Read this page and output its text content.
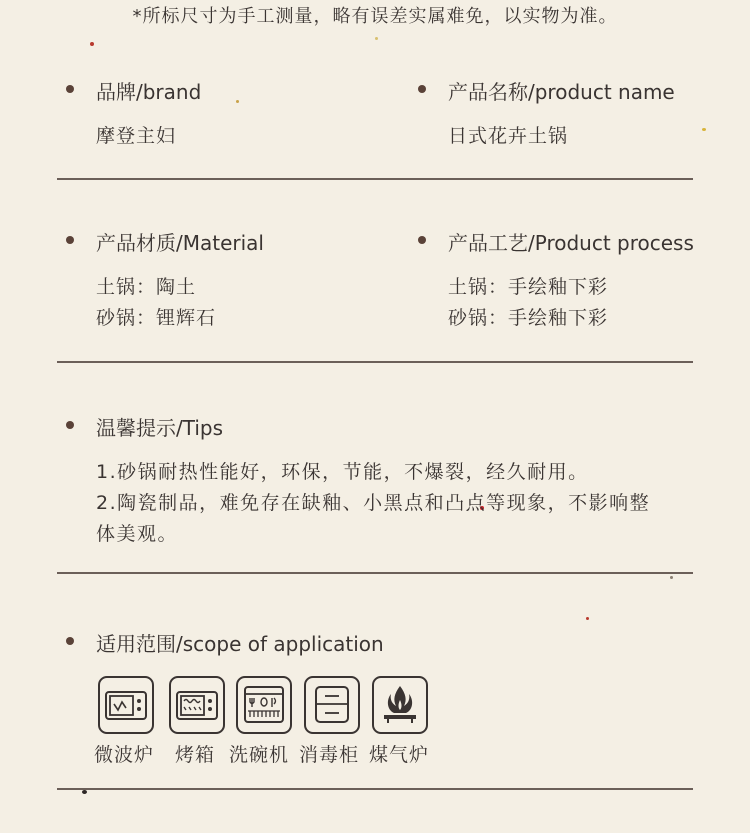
*所标尺寸为手工测量，略有误差实属难免，以实物为准。
品牌/brand
摩登主妇
产品名称/product name
日式花卉土锅
产品材质/Material
土锅：陶土
砂锅：锂辉石
产品工艺/Product process
土锅：手绘釉下彩
砂锅：手绘釉下彩
温馨提示/Tips
1.砂锅耐热性能好，环保，节能，不爆裂，经久耐用。
2.陶瓷制品，难免存在缺釉、小黑点和凸点等现象，不影响整
体美观。
适用范围/scope of application
微波炉 烤箱 洗碗机 消毒柜 煤气炉
